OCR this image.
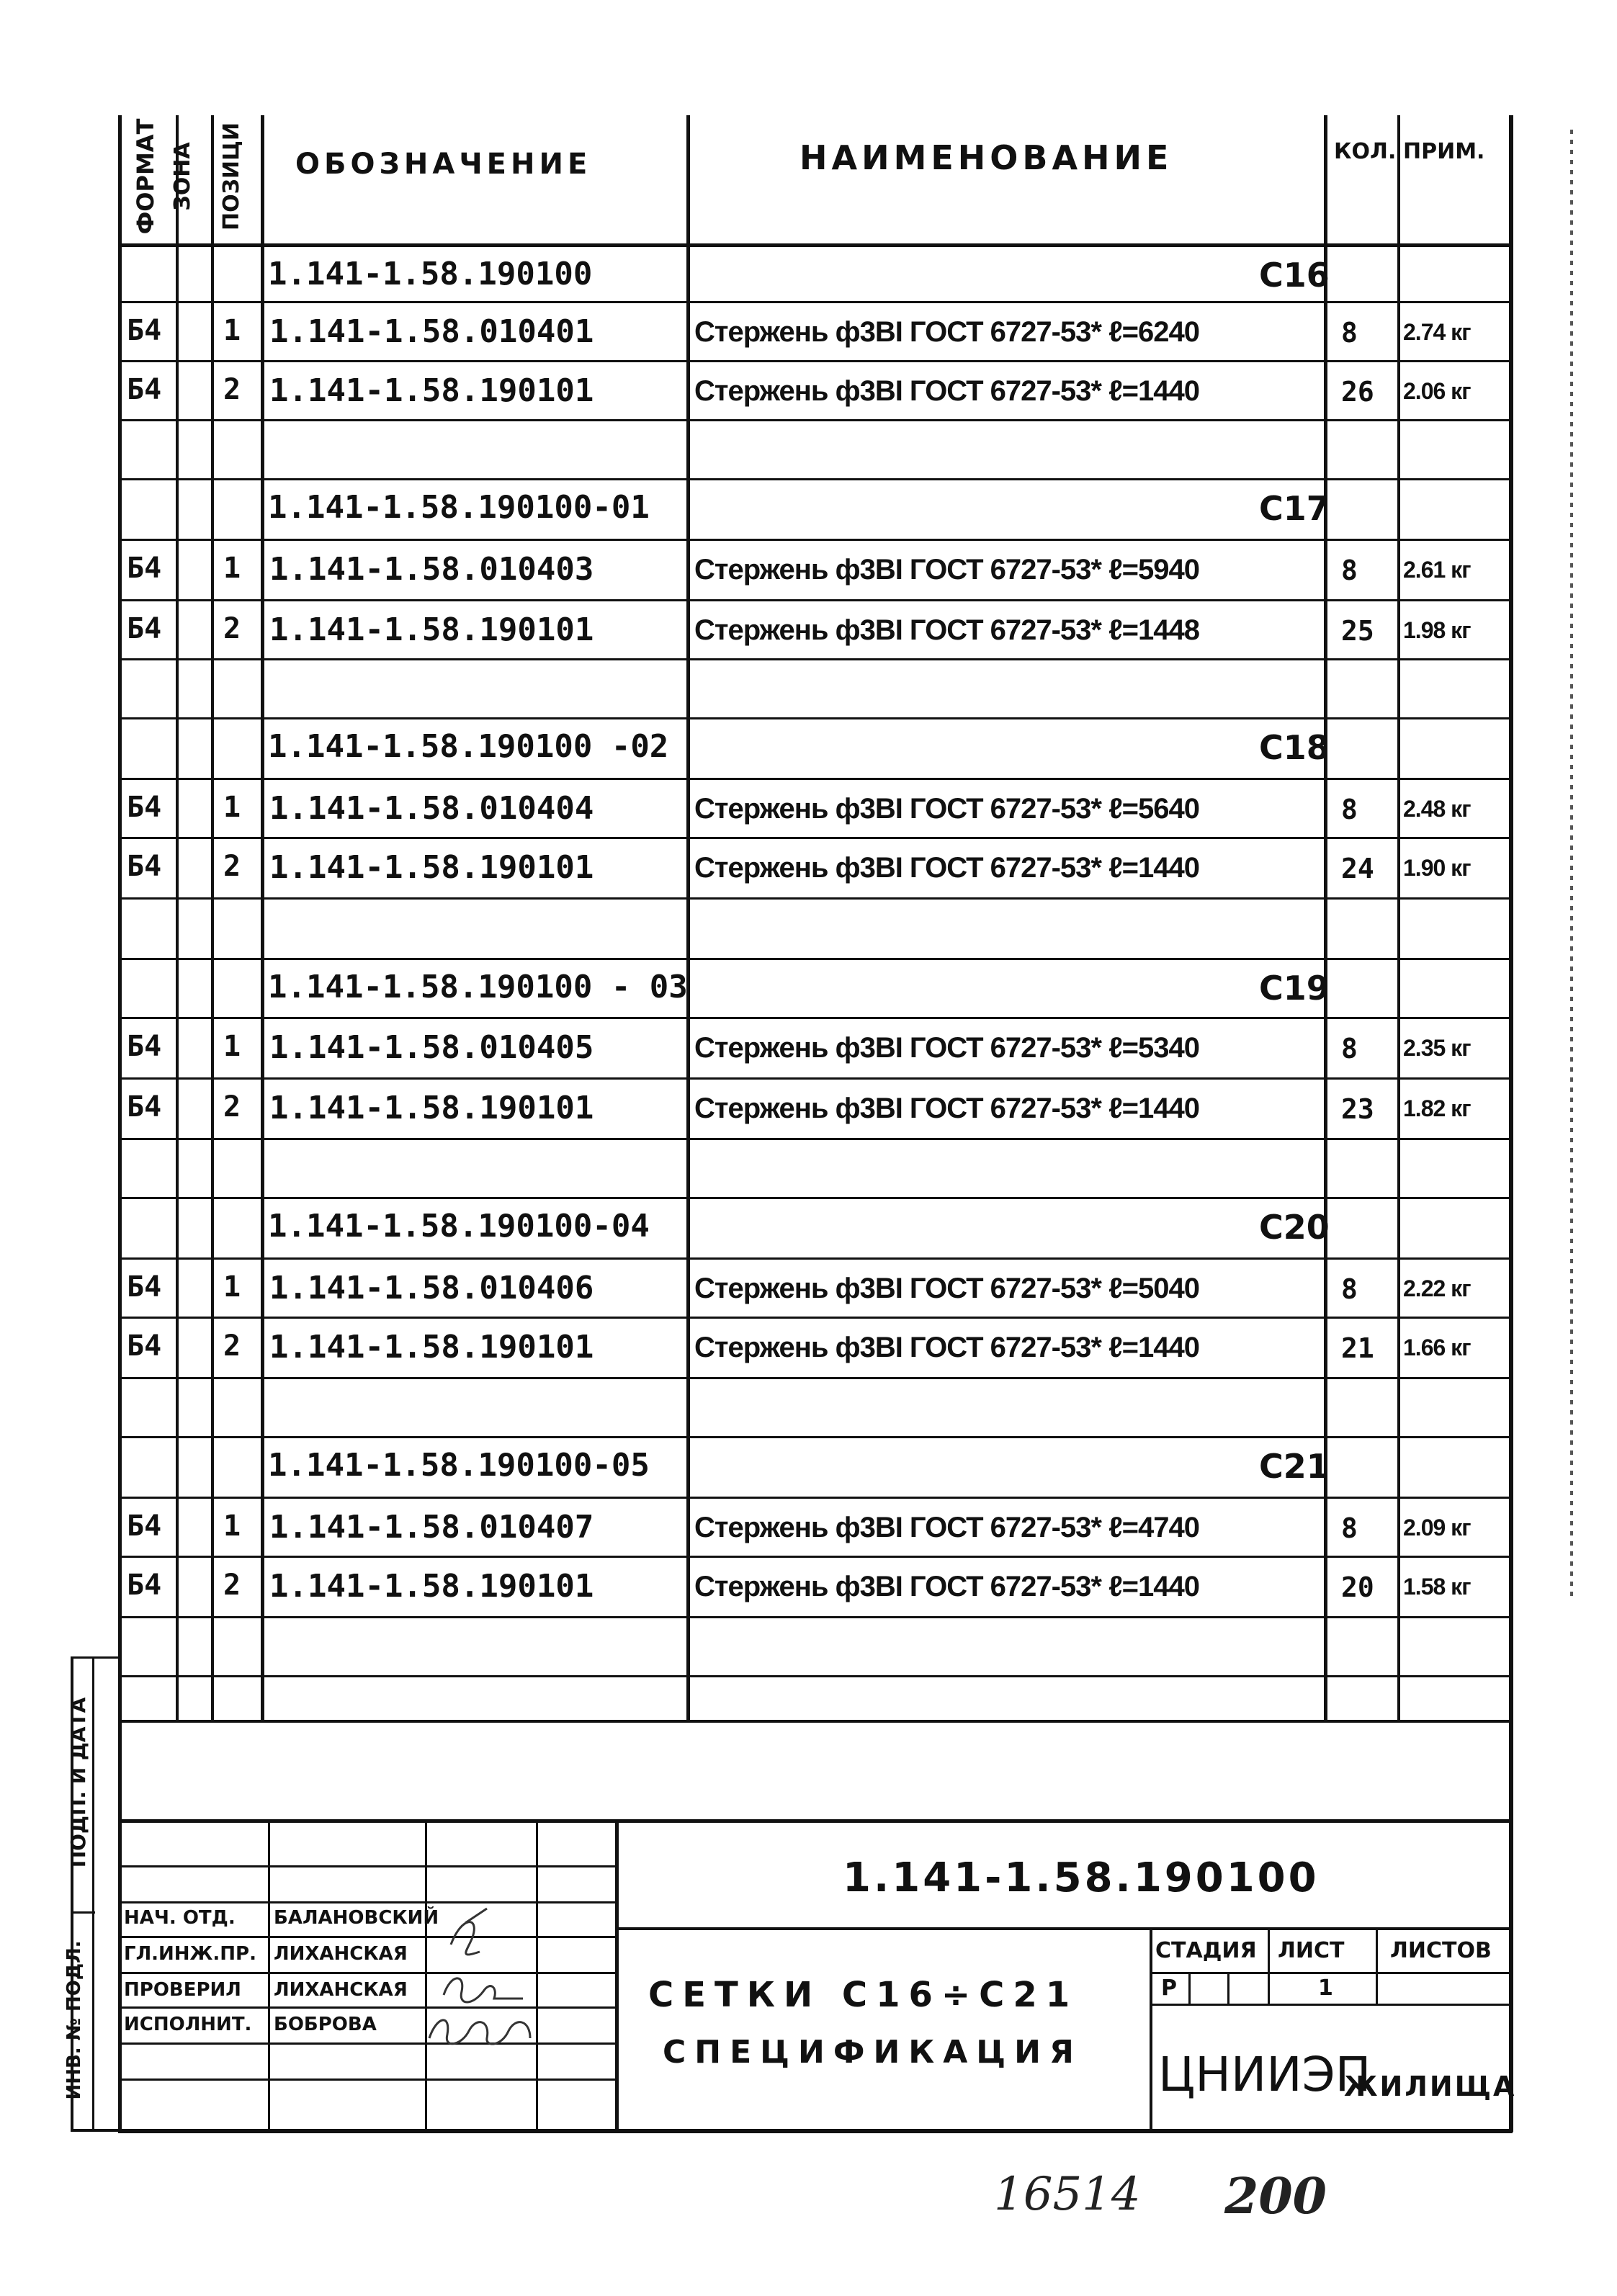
ФОРМАТ ЗОНА ПОЗИЦИ ОБОЗНАЧЕНИЕ	НАИМЕНОВАНИЕ	КОЛ. ПРИМ.
1.141-1.58.190100	С16
Б4 1 1.141-1.58.010401	Стержень ф3ВI ГОСТ 6727-53* ℓ=6240	8 2.74 кг
Б4 2 1.141-1.58.190101	Стержень ф3ВI ГОСТ 6727-53* ℓ=1440	26 2.06 кг
1.141-1.58.190100-01	С17
Б4 1 1.141-1.58.010403	Стержень ф3ВI ГОСТ 6727-53* ℓ=5940	8 2.61 кг
Б4 2 1.141-1.58.190101	Стержень ф3ВI ГОСТ 6727-53* ℓ=1448	25 1.98 кг
1.141-1.58.190100 -02	С18
Б4 1 1.141-1.58.010404	Стержень ф3ВI ГОСТ 6727-53* ℓ=5640	8 2.48 кг
Б4 2 1.141-1.58.190101	Стержень ф3ВI ГОСТ 6727-53* ℓ=1440	24 1.90 кг
1.141-1.58.190100 - 03	С19
Б4 1 1.141-1.58.010405	Стержень ф3ВI ГОСТ 6727-53* ℓ=5340	8 2.35 кг
Б4 2 1.141-1.58.190101	Стержень ф3ВI ГОСТ 6727-53* ℓ=1440	23 1.82 кг
1.141-1.58.190100-04	С20
Б4 1 1.141-1.58.010406	Стержень ф3ВI ГОСТ 6727-53* ℓ=5040	8 2.22 кг
Б4 2 1.141-1.58.190101	Стержень ф3ВI ГОСТ 6727-53* ℓ=1440	21 1.66 кг
1.141-1.58.190100-05	С21
Б4 1 1.141-1.58.010407	Стержень ф3ВI ГОСТ 6727-53* ℓ=4740	8 2.09 кг
Б4 2 1.141-1.58.190101	Стержень ф3ВI ГОСТ 6727-53* ℓ=1440	20 1.58 кг
ПОДП. И ДАТА
ИНВ. № ПОДЛ.
НАЧ. ОТД. БАЛАНОВСКИЙ
ГЛ.ИНЖ.ПР. ЛИХАНСКАЯ
ПРОВЕРИЛ ЛИХАНСКАЯ
ИСПОЛНИТ. БОБРОВА
1.141-1.58.190100
СЕТКИ С16÷С21
СПЕЦИФИКАЦИЯ
СТАДИЯ ЛИСТ ЛИСТОВ
Р	1
ЦНИИЭП
ЖИЛИЩА
16514 200
